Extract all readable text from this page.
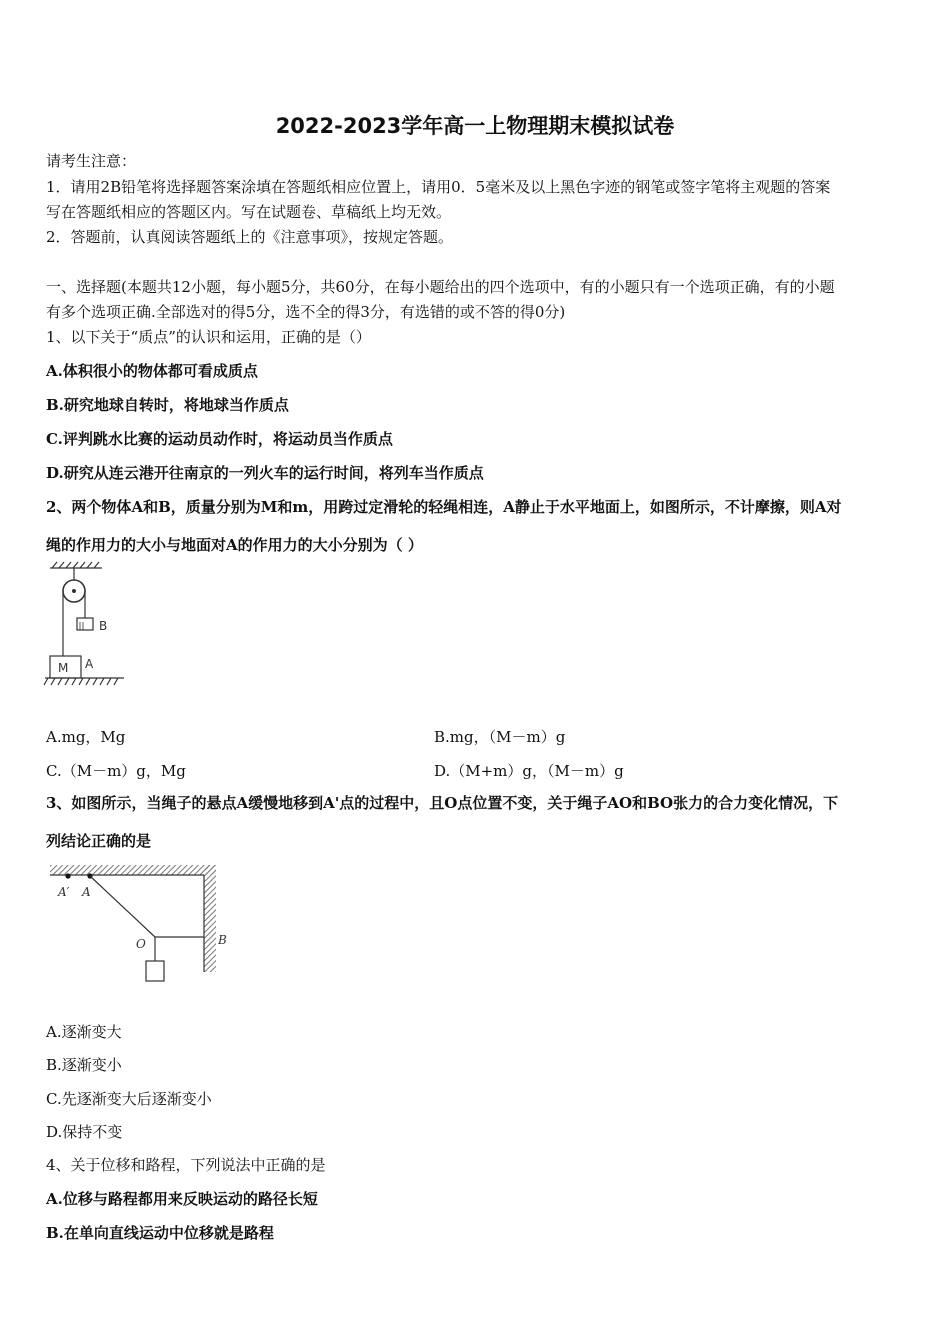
2022-2023学年高一上物理期末模拟试卷
请考生注意：
1．请用2B铅笔将选择题答案涂填在答题纸相应位置上，请用0．5毫米及以上黑色字迹的钢笔或签字笔将主观题的答案
写在答题纸相应的答题区内。写在试题卷、草稿纸上均无效。
2．答题前，认真阅读答题纸上的《注意事项》，按规定答题。
一、选择题(本题共12小题，每小题5分，共60分，在每小题给出的四个选项中，有的小题只有一个选项正确，有的小题
有多个选项正确.全部选对的得5分，选不全的得3分，有选错的或不答的得0分)
1、以下关于“质点”的认识和运用，正确的是（）
A.体积很小的物体都可看成质点
B.研究地球自转时，将地球当作质点
C.评判跳水比赛的运动员动作时，将运动员当作质点
D.研究从连云港开往南京的一列火车的运行时间，将列车当作质点
2、两个物体A和B，质量分别为M和m，用跨过定滑轮的轻绳相连，A静止于水平地面上，如图所示，不计摩擦，则A对
绳的作用力的大小与地面对A的作用力的大小分别为（ ）
B
M A
A.mg，Mg	B.mg，（M－m）g
C.（M－m）g，Mg	D.（M+m）g，（M－m）g
3、如图所示，当绳子的悬点A缓慢地移到A'点的过程中，且O点位置不变，关于绳子AO和BO张力的合力变化情况，下
列结论正确的是
A′ A
O	B
A.逐渐变大
B.逐渐变小
C.先逐渐变大后逐渐变小
D.保持不变
4、关于位移和路程，下列说法中正确的是
A.位移与路程都用来反映运动的路径长短
B.在单向直线运动中位移就是路程
